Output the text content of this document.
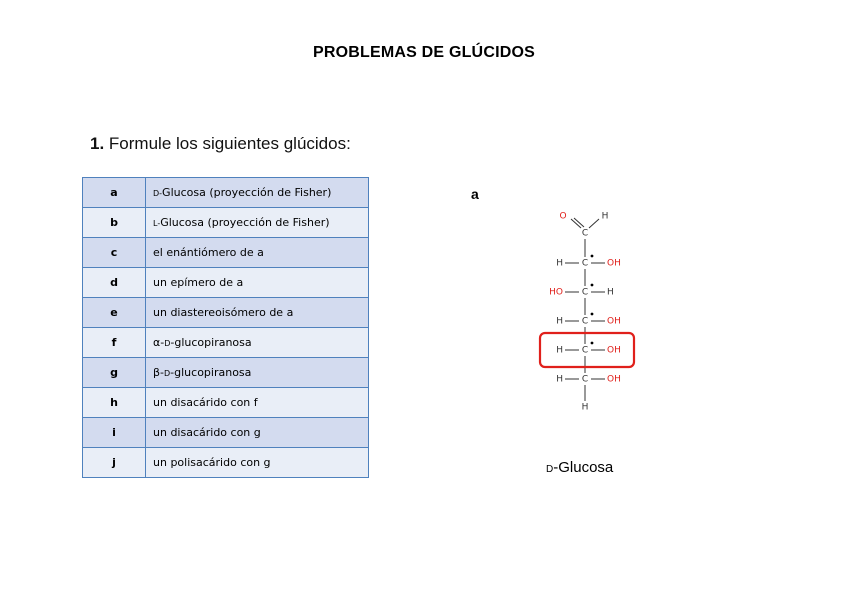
PROBLEMAS DE GLÚCIDOS
1. Formule los siguientes glúcidos:
a	D-Glucosa (proyección de Fisher)
b	L-Glucosa (proyección de Fisher)
c	el enántiómero de a
d	un epímero de a
e	un diastereoisómero de a
f	α-D-glucopiranosa
g	β-D-glucopiranosa
h	un disacárido con f
i	un disacárido con g
j	un polisacárido con g
a
C
O	H
C
H	OH
C
HO	H
C
H	OH
C
H	OH
C
H	OH
H
D-Glucosa
